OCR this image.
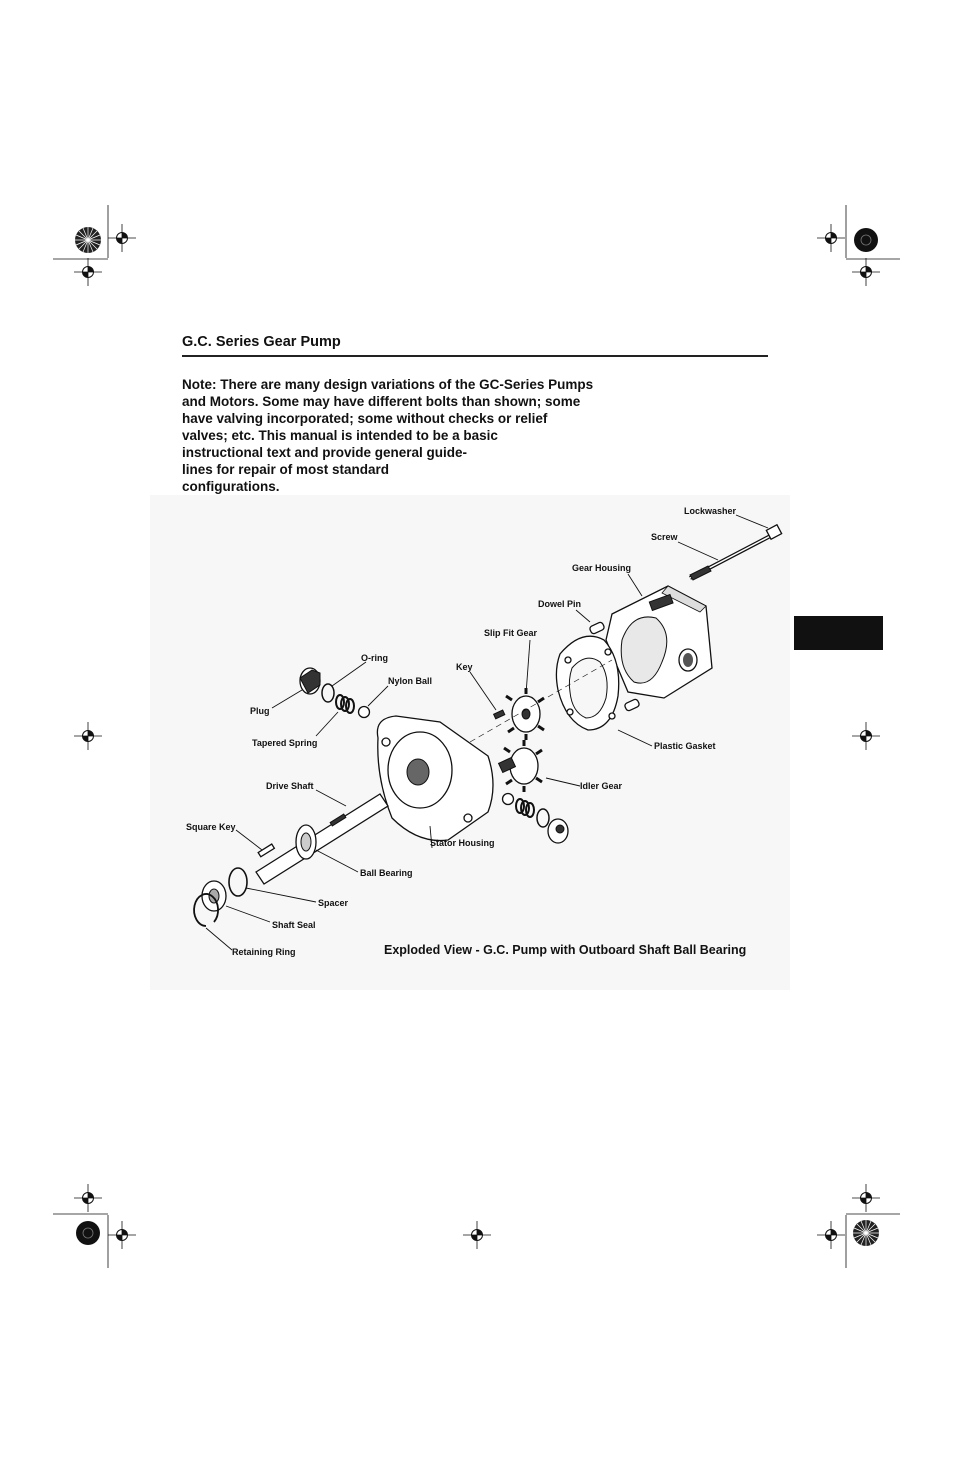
G.C. Series Gear Pump
Note: There are many design variations of the GC-Series Pumps
and Motors. Some may have different bolts than shown; some
have valving incorporated; some without checks or relief
valves; etc. This manual is intended to be a basic
instructional text and provide general guide-
lines for repair of most standard
configurations.
Lockwasher
Screw
Gear Housing
Dowel Pin
Slip Fit Gear
Key
O-ring
Nylon Ball
Plug
Tapered Spring	Plastic Gasket
Drive Shaft	Idler Gear
Square Key
Stator Housing
Ball Bearing
Spacer
Shaft Seal
Retaining Ring	Exploded View - G.C. Pump with Outboard Shaft Ball Bearing
